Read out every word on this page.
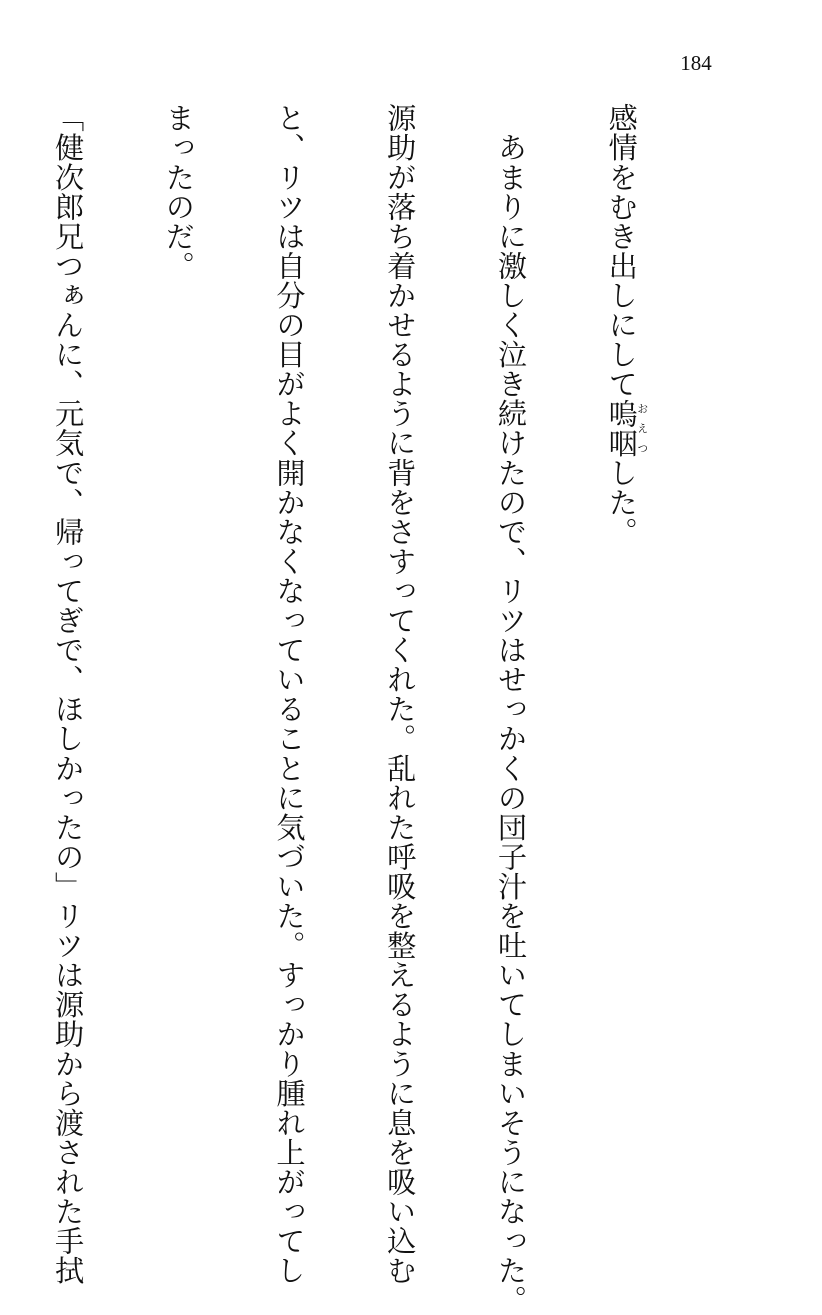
184

感情をむき出しにして嗚咽おえつした。

　あまりに激しく泣き続けたので、リツはせっかくの団子汁を吐いてしまいそうになった。

源助が落ち着かせるように背をさすってくれた。乱れた呼吸を整えるように息を吸い込む

と、リツは自分の目がよく開かなくなっていることに気づいた。すっかり腫れ上がってし

まったのだ。

「健次郎兄つぁんに、元気で、帰ってぎで、ほしかったの」リツは源助から渡された手拭
